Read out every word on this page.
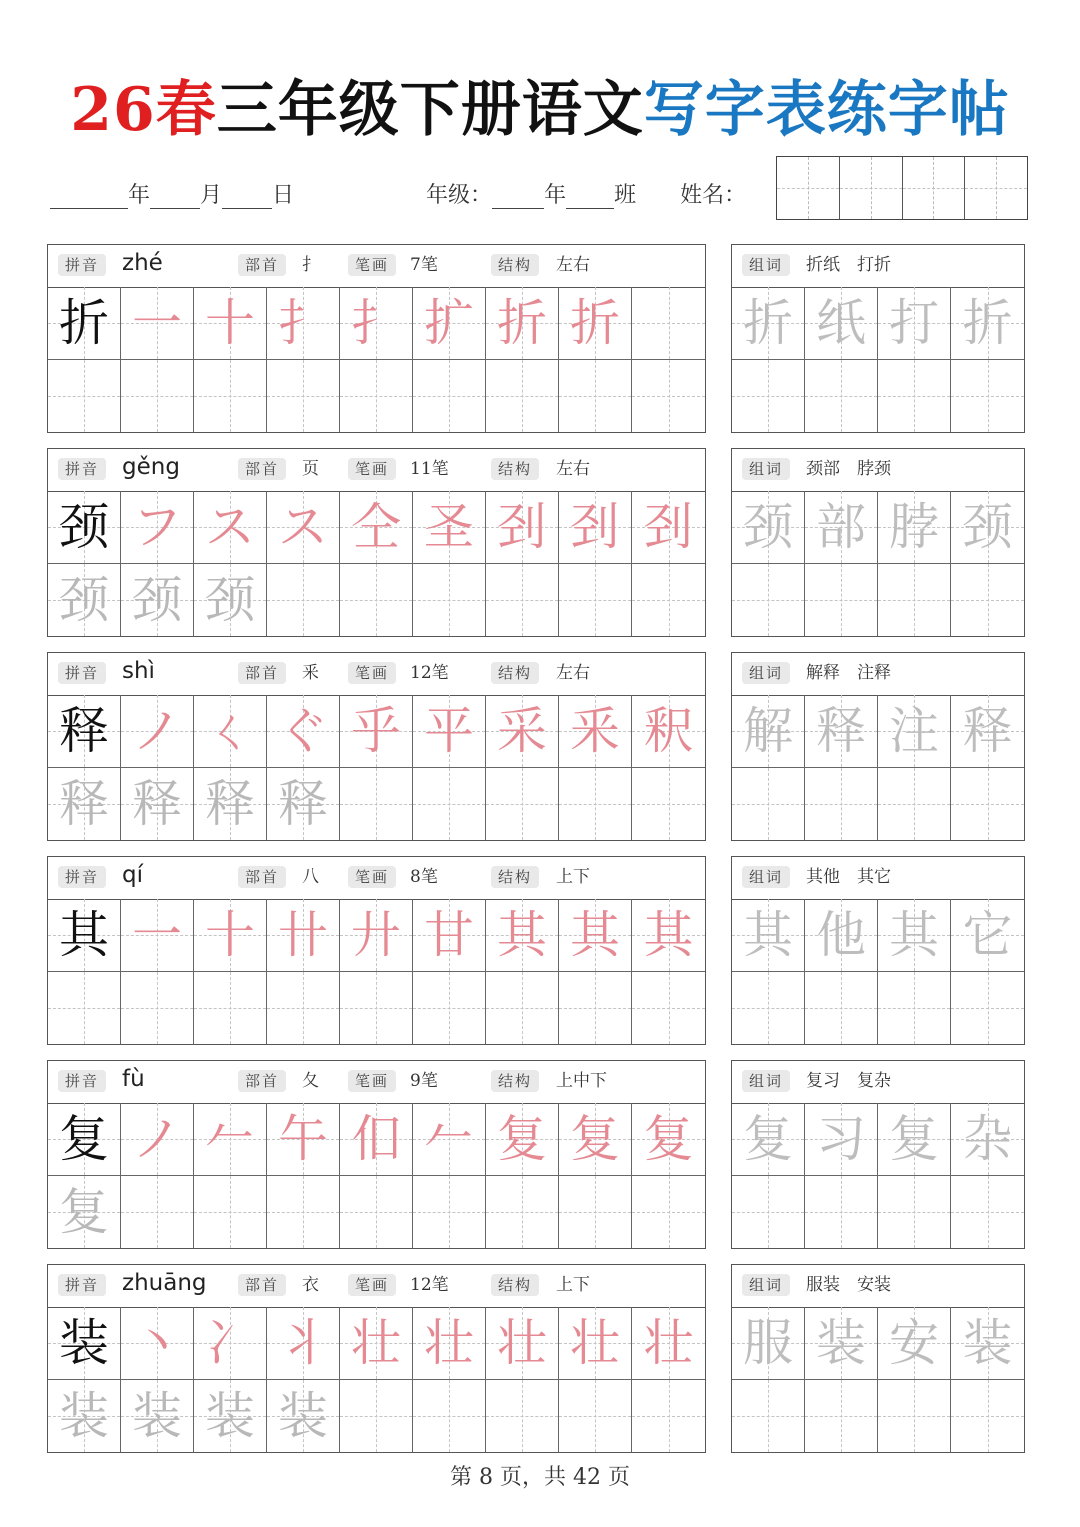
26春三年级下册语文写字表练字帖
年 月 日	年级： 年 班 姓名：
拼音 zhé	部首	扌	笔画	7笔	结构	左右
折 一 十 扌 扌 扩 折 折
组词	折纸　打折
折 纸 打 折
拼音 gěng	部首	页	笔画	11笔	结构	左右
颈 フ ス ス 仝 圣 刭 刭 刭
颈 颈 颈
组词	颈部　脖颈
颈 部 脖 颈
拼音 shì	部首	釆	笔画	12笔	结构	左右
释 ノ ㄑ ぐ 乎 平 采 釆 釈
释 释 释 释
组词	解释　注释
解 释 注 释
拼音 qí	部首	八	笔画	8笔	结构	上下
其 一 十 卄 廾 甘 其 其 其
组词	其他　其它
其 他 其 它
拼音 fù	部首	夂	笔画	9笔	结构	上中下
复 ノ 𠂉 午 㐰 𠂉 复 复 复
复
组词	复习　复杂
复 习 复 杂
拼音 zhuāng	部首	衣	笔画	12笔	结构	上下
装 丶 冫 丬 壮 壮 壮 壮 壮
装 装 装 装
组词	服装　安装
服 装 安 装
第 8 页，共 42 页
